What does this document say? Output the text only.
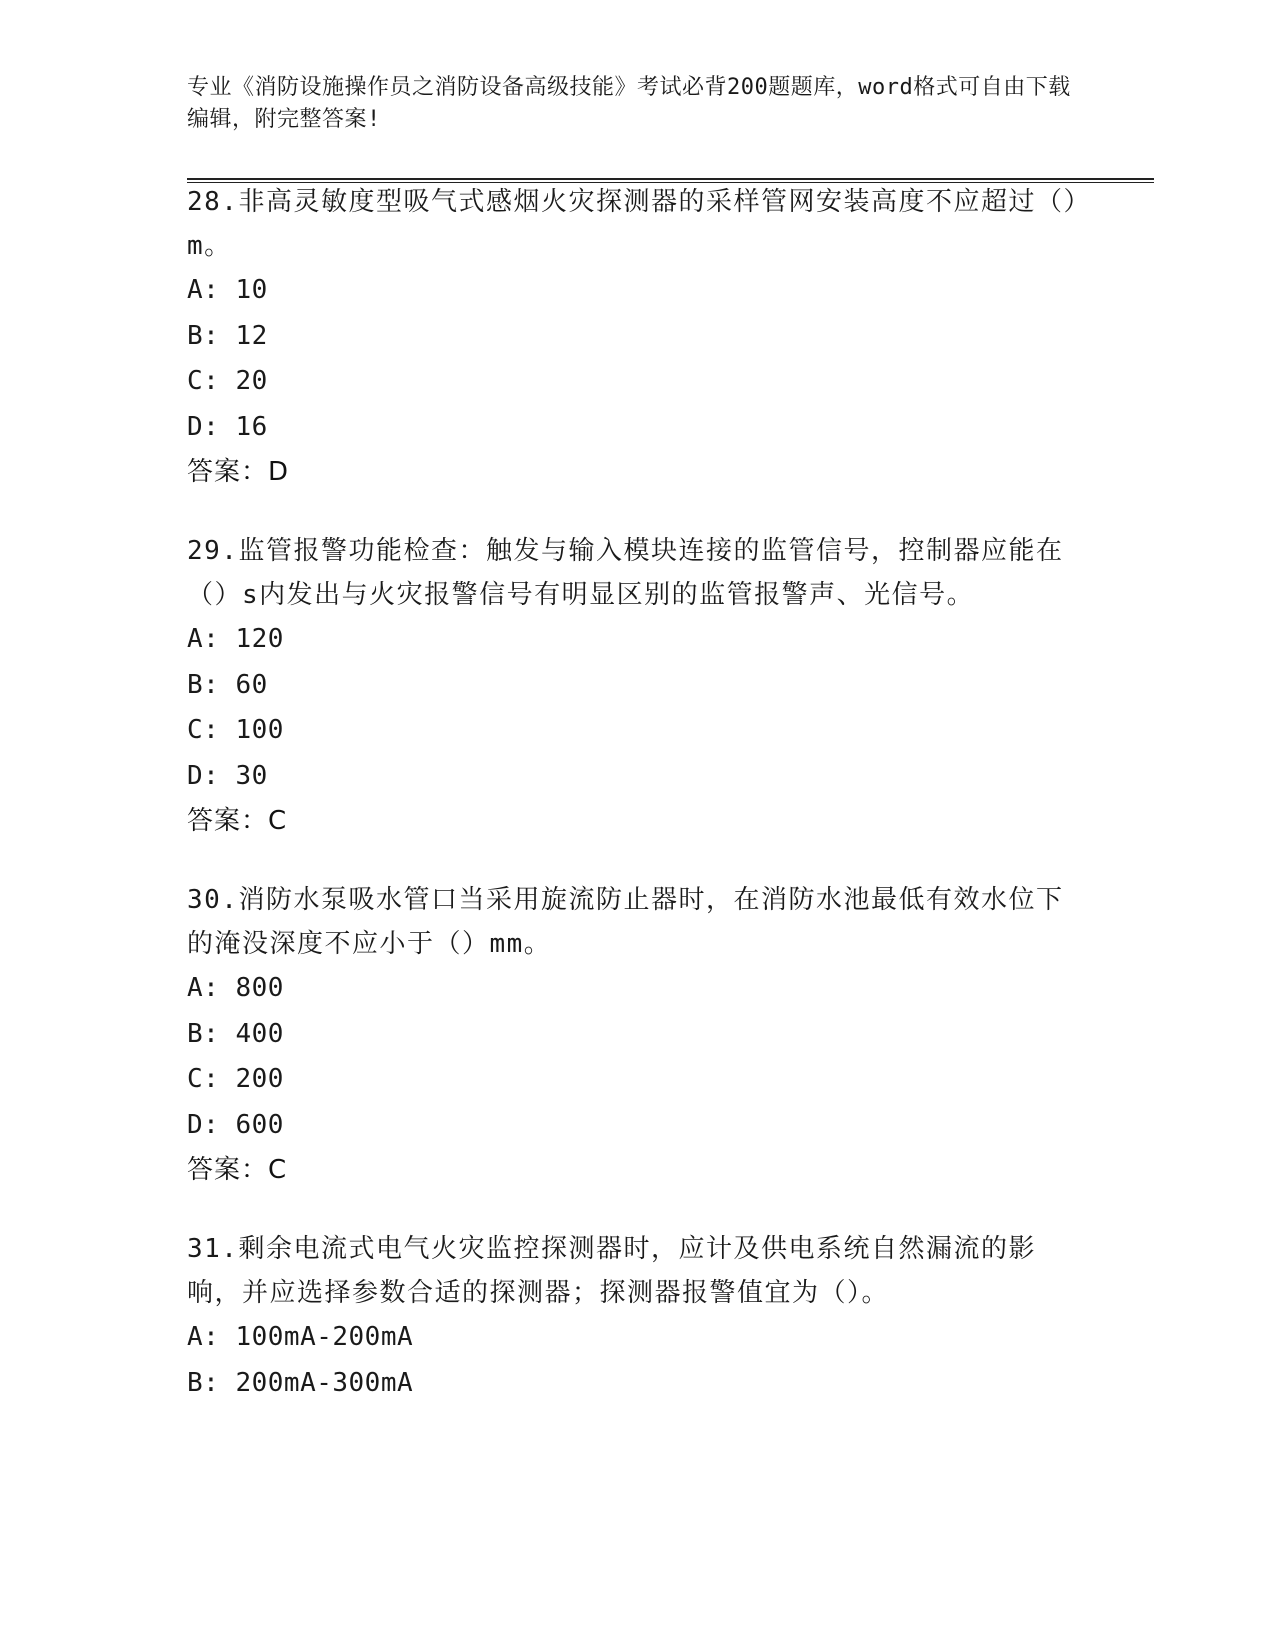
专业《消防设施操作员之消防设备高级技能》考试必背200题题库，word格式可自由下载编辑，附完整答案!

28.非高灵敏度型吸气式感烟火灾探测器的采样管网安装高度不应超过（）m。

A: 10

B: 12

C: 20

D: 16

答案：D

29.监管报警功能检查：触发与输入模块连接的监管信号，控制器应能在（）s内发出与火灾报警信号有明显区别的监管报警声、光信号。

A: 120

B: 60

C: 100

D: 30

答案：C

30.消防水泵吸水管口当采用旋流防止器时，在消防水池最低有效水位下的淹没深度不应小于（）mm。

A: 800

B: 400

C: 200

D: 600

答案：C

31.剩余电流式电气火灾监控探测器时，应计及供电系统自然漏流的影响，并应选择参数合适的探测器；探测器报警值宜为（）。

A: 100mA-200mA

B: 200mA-300mA
